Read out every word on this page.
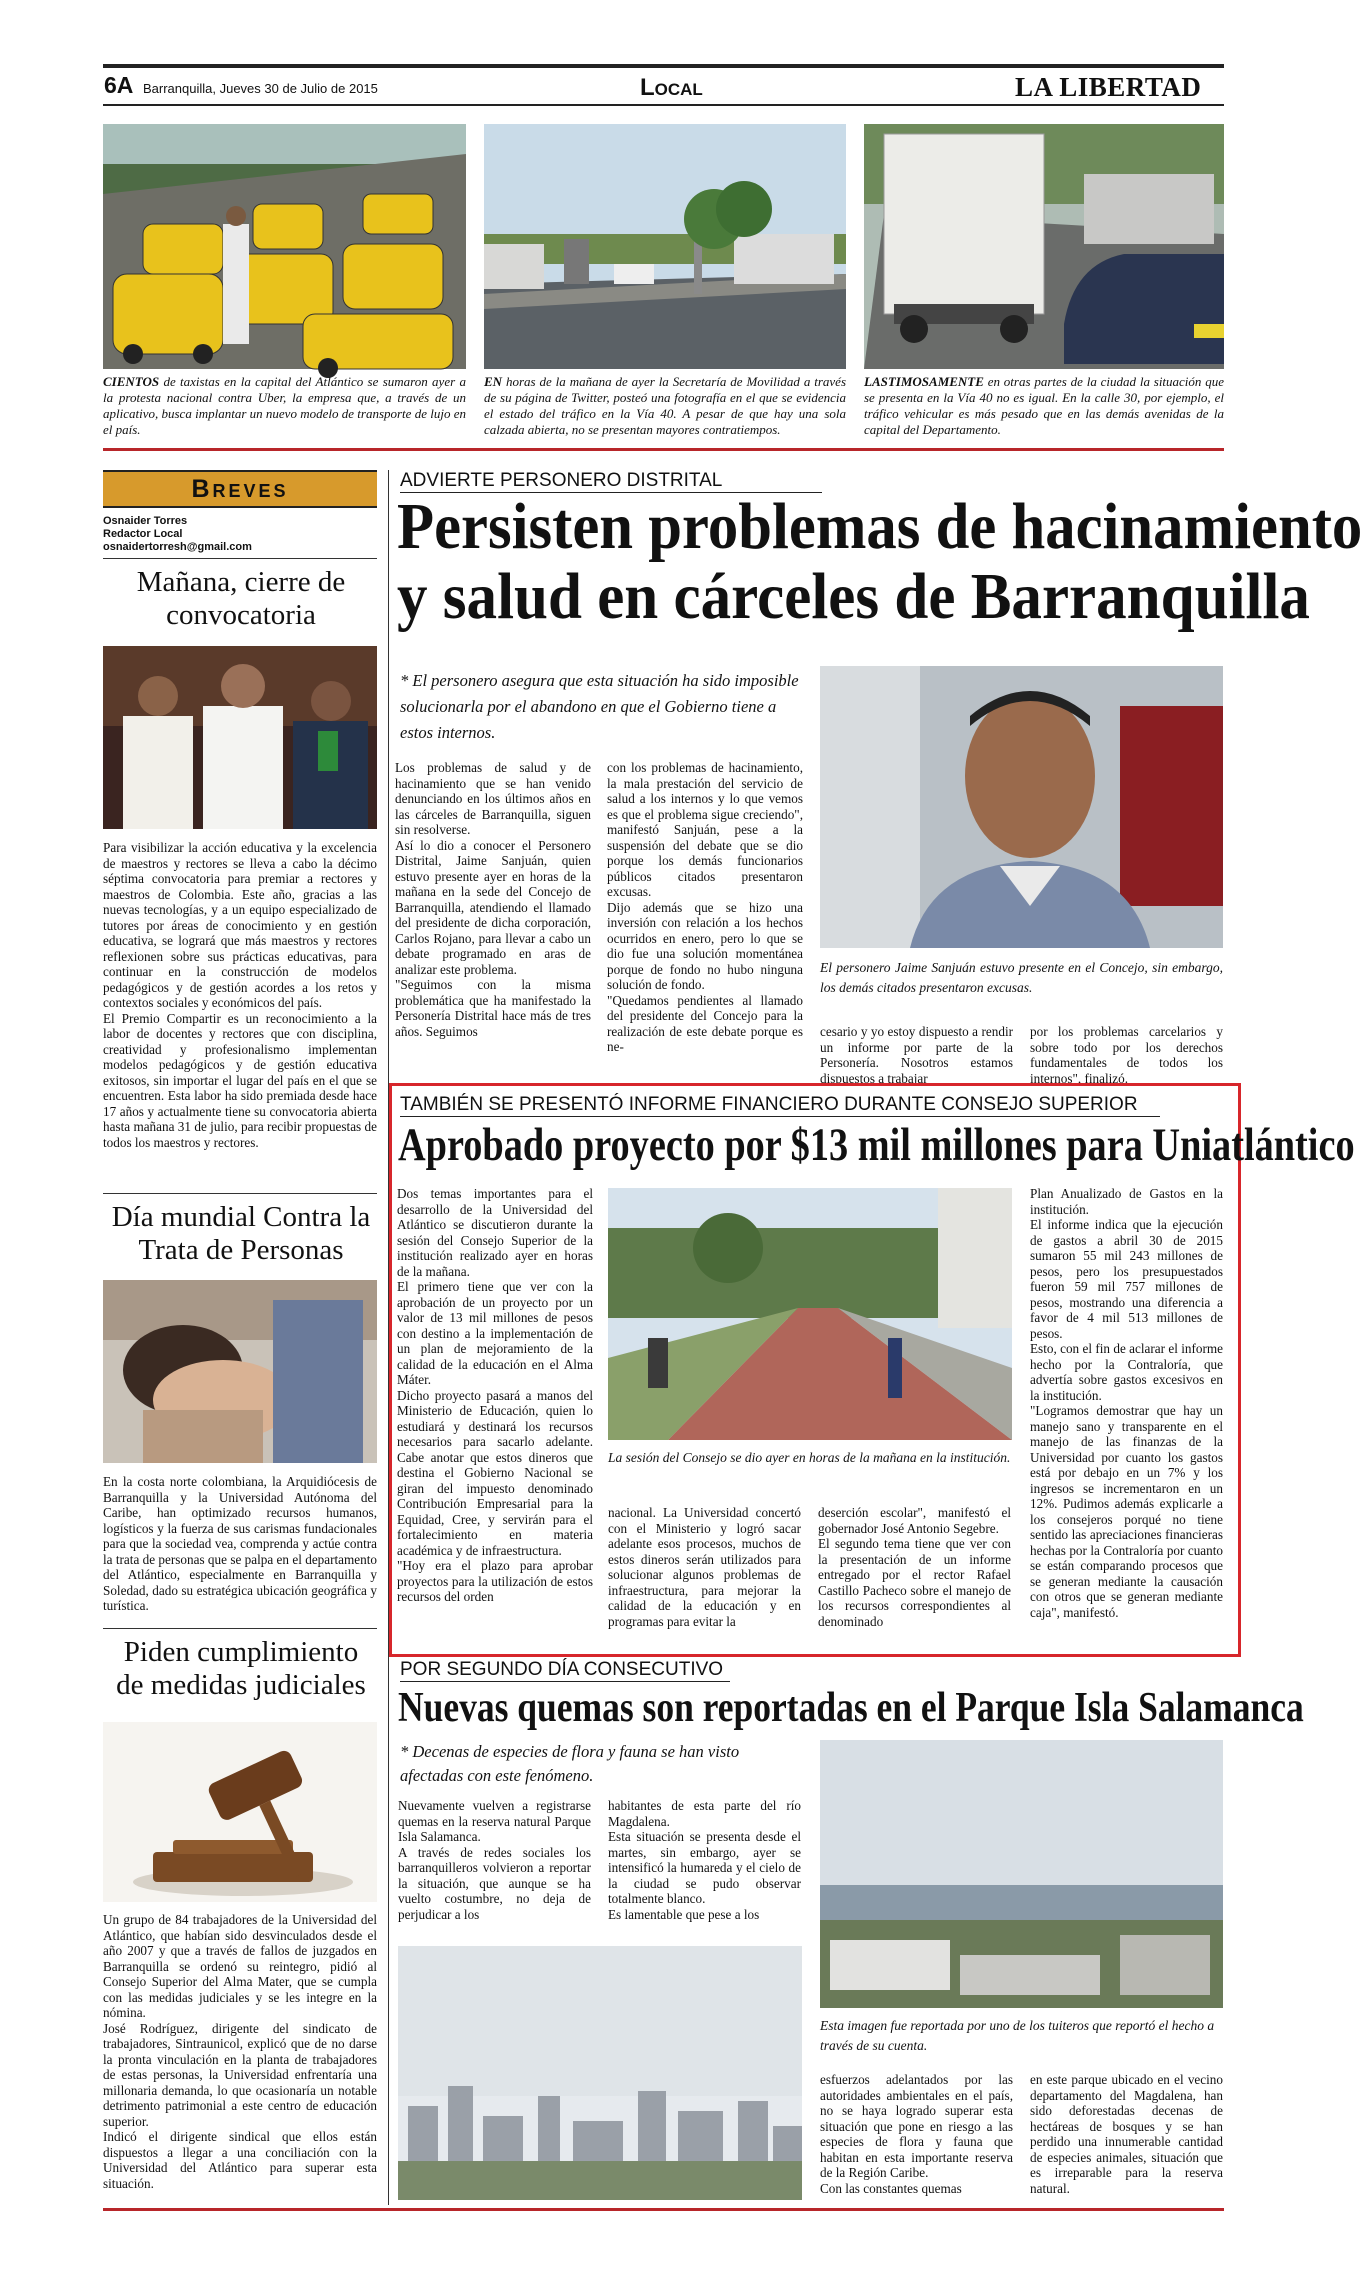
6A Barranquilla, Jueves 30 de Julio de 2015	Local	LA LIBERTAD
CIENTOS de taxistas en la capital del Atlántico se sumaron ayer a la protesta nacional contra Uber, la empresa que, a través de un aplicativo, busca implantar un nuevo modelo de transporte de lujo en el país.
EN horas de la mañana de ayer la Secretaría de Movilidad a través de su página de Twitter, posteó una fotografía en el que se evidencia el estado del tráfico en la Vía 40. A pesar de que hay una sola calzada abierta, no se presentan mayores contratiempos.
LASTIMOSAMENTE en otras partes de la ciudad la situación que se presenta en la Vía 40 no es igual. En la calle 30, por ejemplo, el tráfico vehicular es más pesado que en las demás avenidas de la capital del Departamento.
Breves
Osnaider Torres
Redactor Local
osnaidertorresh@gmail.com
Mañana, cierre de convocatoria
Para visibilizar la acción educativa y la excelencia de maestros y rectores se lleva a cabo la décimo séptima convocatoria para premiar a rectores y maestros de Colombia. Este año, gracias a las nuevas tecnologías, y a un equipo especializado de tutores por áreas de conocimiento y en gestión educativa, se logrará que más maestros y rectores reflexionen sobre sus prácticas educativas, para continuar en la construcción de modelos pedagógicos y de gestión acordes a los retos y contextos sociales y económicos del país.
El Premio Compartir es un reconocimiento a la labor de docentes y rectores que con disciplina, creatividad y profesionalismo implementan modelos pedagógicos y de gestión educativa exitosos, sin importar el lugar del país en el que se encuentren. Esta labor ha sido premiada desde hace 17 años y actualmente tiene su convocatoria abierta hasta mañana 31 de julio, para recibir propuestas de todos los maestros y rectores.
Día mundial Contra la Trata de Personas
En la costa norte colombiana, la Arquidiócesis de Barranquilla y la Universidad Autónoma del Caribe, han optimizado recursos humanos, logísticos y la fuerza de sus carismas fundacionales para que la sociedad vea, comprenda y actúe contra la trata de personas que se palpa en el departamento del Atlántico, especialmente en Barranquilla y Soledad, dado su estratégica ubicación geográfica y turística.
Piden cumplimiento de medidas judiciales
Un grupo de 84 trabajadores de la Universidad del Atlántico, que habían sido desvinculados desde el año 2007 y que a través de fallos de juzgados en Barranquilla se ordenó su reintegro, pidió al Consejo Superior del Alma Mater, que se cumpla con las medidas judiciales y se les integre en la nómina.
José Rodríguez, dirigente del sindicato de trabajadores, Sintraunicol, explicó que de no darse la pronta vinculación en la planta de trabajadores de estas personas, la Universidad enfrentaría una millonaria demanda, lo que ocasionaría un notable detrimento patrimonial a este centro de educación superior.
Indicó el dirigente sindical que ellos están dispuestos a llegar a una conciliación con la Universidad del Atlántico para superar esta situación.
ADVIERTE PERSONERO DISTRITAL
Persisten problemas de hacinamiento
y salud en cárceles de Barranquilla
* El personero asegura que esta situación ha sido imposible solucionarla por el abandono en que el Gobierno tiene a estos internos.
El personero Jaime Sanjuán estuvo presente en el Concejo, sin embargo, los demás citados presentaron excusas.
Los problemas de salud y de hacinamiento que se han venido denunciando en los últimos años en las cárceles de Barranquilla, siguen sin resolverse.
Así lo dio a conocer el Personero Distrital, Jaime Sanjuán, quien estuvo presente ayer en horas de la mañana en la sede del Concejo de Barranquilla, atendiendo el llamado del presidente de dicha corporación, Carlos Rojano, para llevar a cabo un debate programado en aras de analizar este problema.
"Seguimos con la misma problemática que ha manifestado la Personería Distrital hace más de tres años. Seguimos
con los problemas de hacinamiento, la mala prestación del servicio de salud a los internos y lo que vemos es que el problema sigue creciendo", manifestó Sanjuán, pese a la suspensión del debate que se dio porque los demás funcionarios públicos citados presentaron excusas.
Dijo además que se hizo una inversión con relación a los hechos ocurridos en enero, pero lo que se dio fue una solución momentánea porque de fondo no hubo ninguna solución de fondo.
"Quedamos pendientes al llamado del presidente del Concejo para la realización de este debate porque es ne-
cesario y yo estoy dispuesto a rendir un informe por parte de la Personería. Nosotros estamos dispuestos a trabajar
por los problemas carcelarios y sobre todo por los derechos fundamentales de todos los internos", finalizó.
TAMBIÉN SE PRESENTÓ INFORME FINANCIERO DURANTE CONSEJO SUPERIOR
Aprobado proyecto por $13 mil millones para Uniatlántico
Dos temas importantes para el desarrollo de la Universidad del Atlántico se discutieron durante la sesión del Consejo Superior de la institución realizado ayer en horas de la mañana.
El primero tiene que ver con la aprobación de un proyecto por un valor de 13 mil millones de pesos con destino a la implementación de un plan de mejoramiento de la calidad de la educación en el Alma Máter.
Dicho proyecto pasará a manos del Ministerio de Educación, quien lo estudiará y destinará los recursos necesarios para sacarlo adelante. Cabe anotar que estos dineros que destina el Gobierno Nacional se giran del impuesto denominado Contribución Empresarial para la Equidad, Cree, y servirán para el fortalecimiento en materia académica y de infraestructura.
"Hoy era el plazo para aprobar proyectos para la utilización de estos recursos del orden
La sesión del Consejo se dio ayer en horas de la mañana en la institución.
nacional. La Universidad concertó con el Ministerio y logró sacar adelante esos procesos, muchos de estos dineros serán utilizados para solucionar algunos problemas de infraestructura, para mejorar la calidad de la educación y en programas para evitar la
deserción escolar", manifestó el gobernador José Antonio Segebre.
El segundo tema tiene que ver con la presentación de un informe entregado por el rector Rafael Castillo Pacheco sobre el manejo de los recursos correspondientes al denominado
Plan Anualizado de Gastos en la institución.
El informe indica que la ejecución de gastos a abril 30 de 2015 sumaron 55 mil 243 millones de pesos, pero los presupuestados fueron 59 mil 757 millones de pesos, mostrando una diferencia a favor de 4 mil 513 millones de pesos.
Esto, con el fin de aclarar el informe hecho por la Contraloría, que advertía sobre gastos excesivos en la institución.
"Logramos demostrar que hay un manejo sano y transparente en el manejo de las finanzas de la Universidad por cuanto los gastos está por debajo en un 7% y los ingresos se incrementaron en un 12%. Pudimos además explicarle a los consejeros porqué no tiene sentido las apreciaciones financieras hechas por la Contraloría por cuanto se están comparando procesos que se generan mediante la causación con otros que se generan mediante caja", manifestó.
POR SEGUNDO DÍA CONSECUTIVO
Nuevas quemas son reportadas en el Parque Isla Salamanca
* Decenas de especies de flora y fauna se han visto afectadas con este fenómeno.
Nuevamente vuelven a registrarse quemas en la reserva natural Parque Isla Salamanca.
A través de redes sociales los barranquilleros volvieron a reportar la situación, que aunque se ha vuelto costumbre, no deja de perjudicar a los
habitantes de esta parte del río Magdalena.
Esta situación se presenta desde el martes, sin embargo, ayer se intensificó la humareda y el cielo de la ciudad se pudo observar totalmente blanco.
Es lamentable que pese a los
Esta imagen fue reportada por uno de los tuiteros que reportó el hecho a través de su cuenta.
esfuerzos adelantados por las autoridades ambientales en el país, no se haya logrado superar esta situación que pone en riesgo a las especies de flora y fauna que habitan en esta importante reserva de la Región Caribe.
Con las constantes quemas
en este parque ubicado en el vecino departamento del Magdalena, han sido deforestadas decenas de hectáreas de bosques y se han perdido una innumerable cantidad de especies animales, situación que es irreparable para la reserva natural.
